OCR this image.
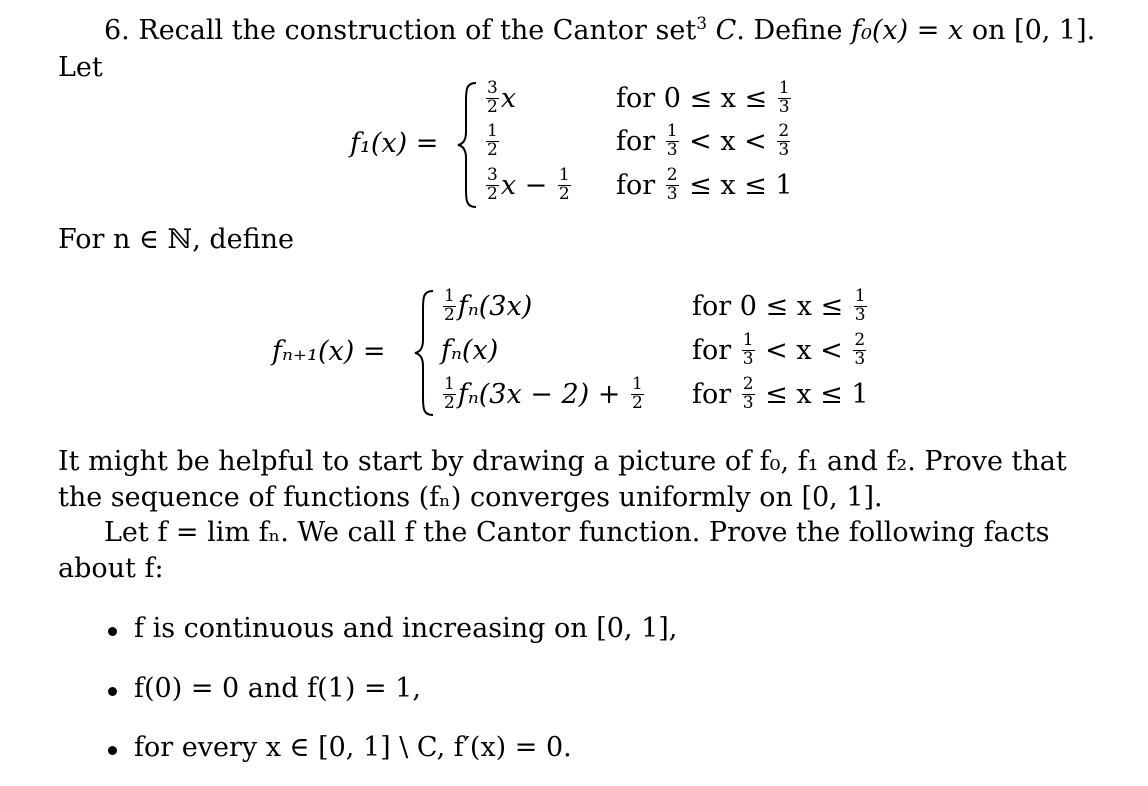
6. Recall the construction of the Cantor set$^3$ C. Define f₀(x) = x on [0, 1].
Let
f₁(x) =
$\frac{3}{2}$ x	for $0 \le x \le \frac{1}{3}$
$\frac{1}{2}$	for $\frac{1}{3} < x < \frac{2}{3}$
$\frac{3}{2}$ $x - \frac{1}{2}$ for $\frac{2}{3} \le x \le 1$
For n ∈ ℕ, define
fₙ₊₁(x) =
$\frac{1}{2} f_n(3x)$	for $0 \le x \le \frac{1}{3}$
fₙ(x)	for $\frac{1}{3} < x < \frac{2}{3}$
$\frac{1}{2} f_n(3x - 2) + \frac{1}{2}$ for $\frac{2}{3} \le x \le 1$
It might be helpful to start by drawing a picture of f₀, f₁ and f₂. Prove that
the sequence of functions (fₙ) converges uniformly on [0, 1].
Let f = lim fₙ. We call f the Cantor function. Prove the following facts
about f:
f is continuous and increasing on [0, 1],
f(0) = 0 and f(1) = 1,
for every x ∈ [0, 1] \ C, f′(x) = 0.
